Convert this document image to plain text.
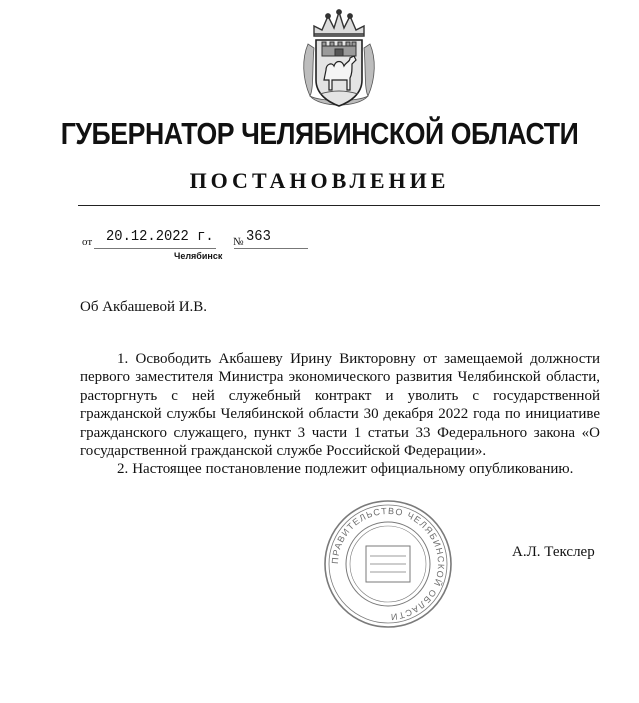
ГУБЕРНАТОР ЧЕЛЯБИНСКОЙ ОБЛАСТИ
ПОСТАНОВЛЕНИЕ
от 20.12.2022 г. № 363
Челябинск
Об Акбашевой И.В.

1. Освободить Акбашеву Ирину Викторовну от замещаемой должности первого заместителя Министра экономического развития Челябинской области, расторгнуть с ней служебный контракт и уволить с государственной гражданской службы Челябинской области 30 декабря 2022 года по инициативе гражданского служащего, пункт 3 части 1 статьи 33 Федерального закона «О государственной гражданской службе Российской Федерации».

2. Настоящее постановление подлежит официальному опубликованию.

ПРАВИТЕЛЬСТВО ЧЕЛЯБИНСКОЙ ОБЛАСТИ
А.Л. Текслер
